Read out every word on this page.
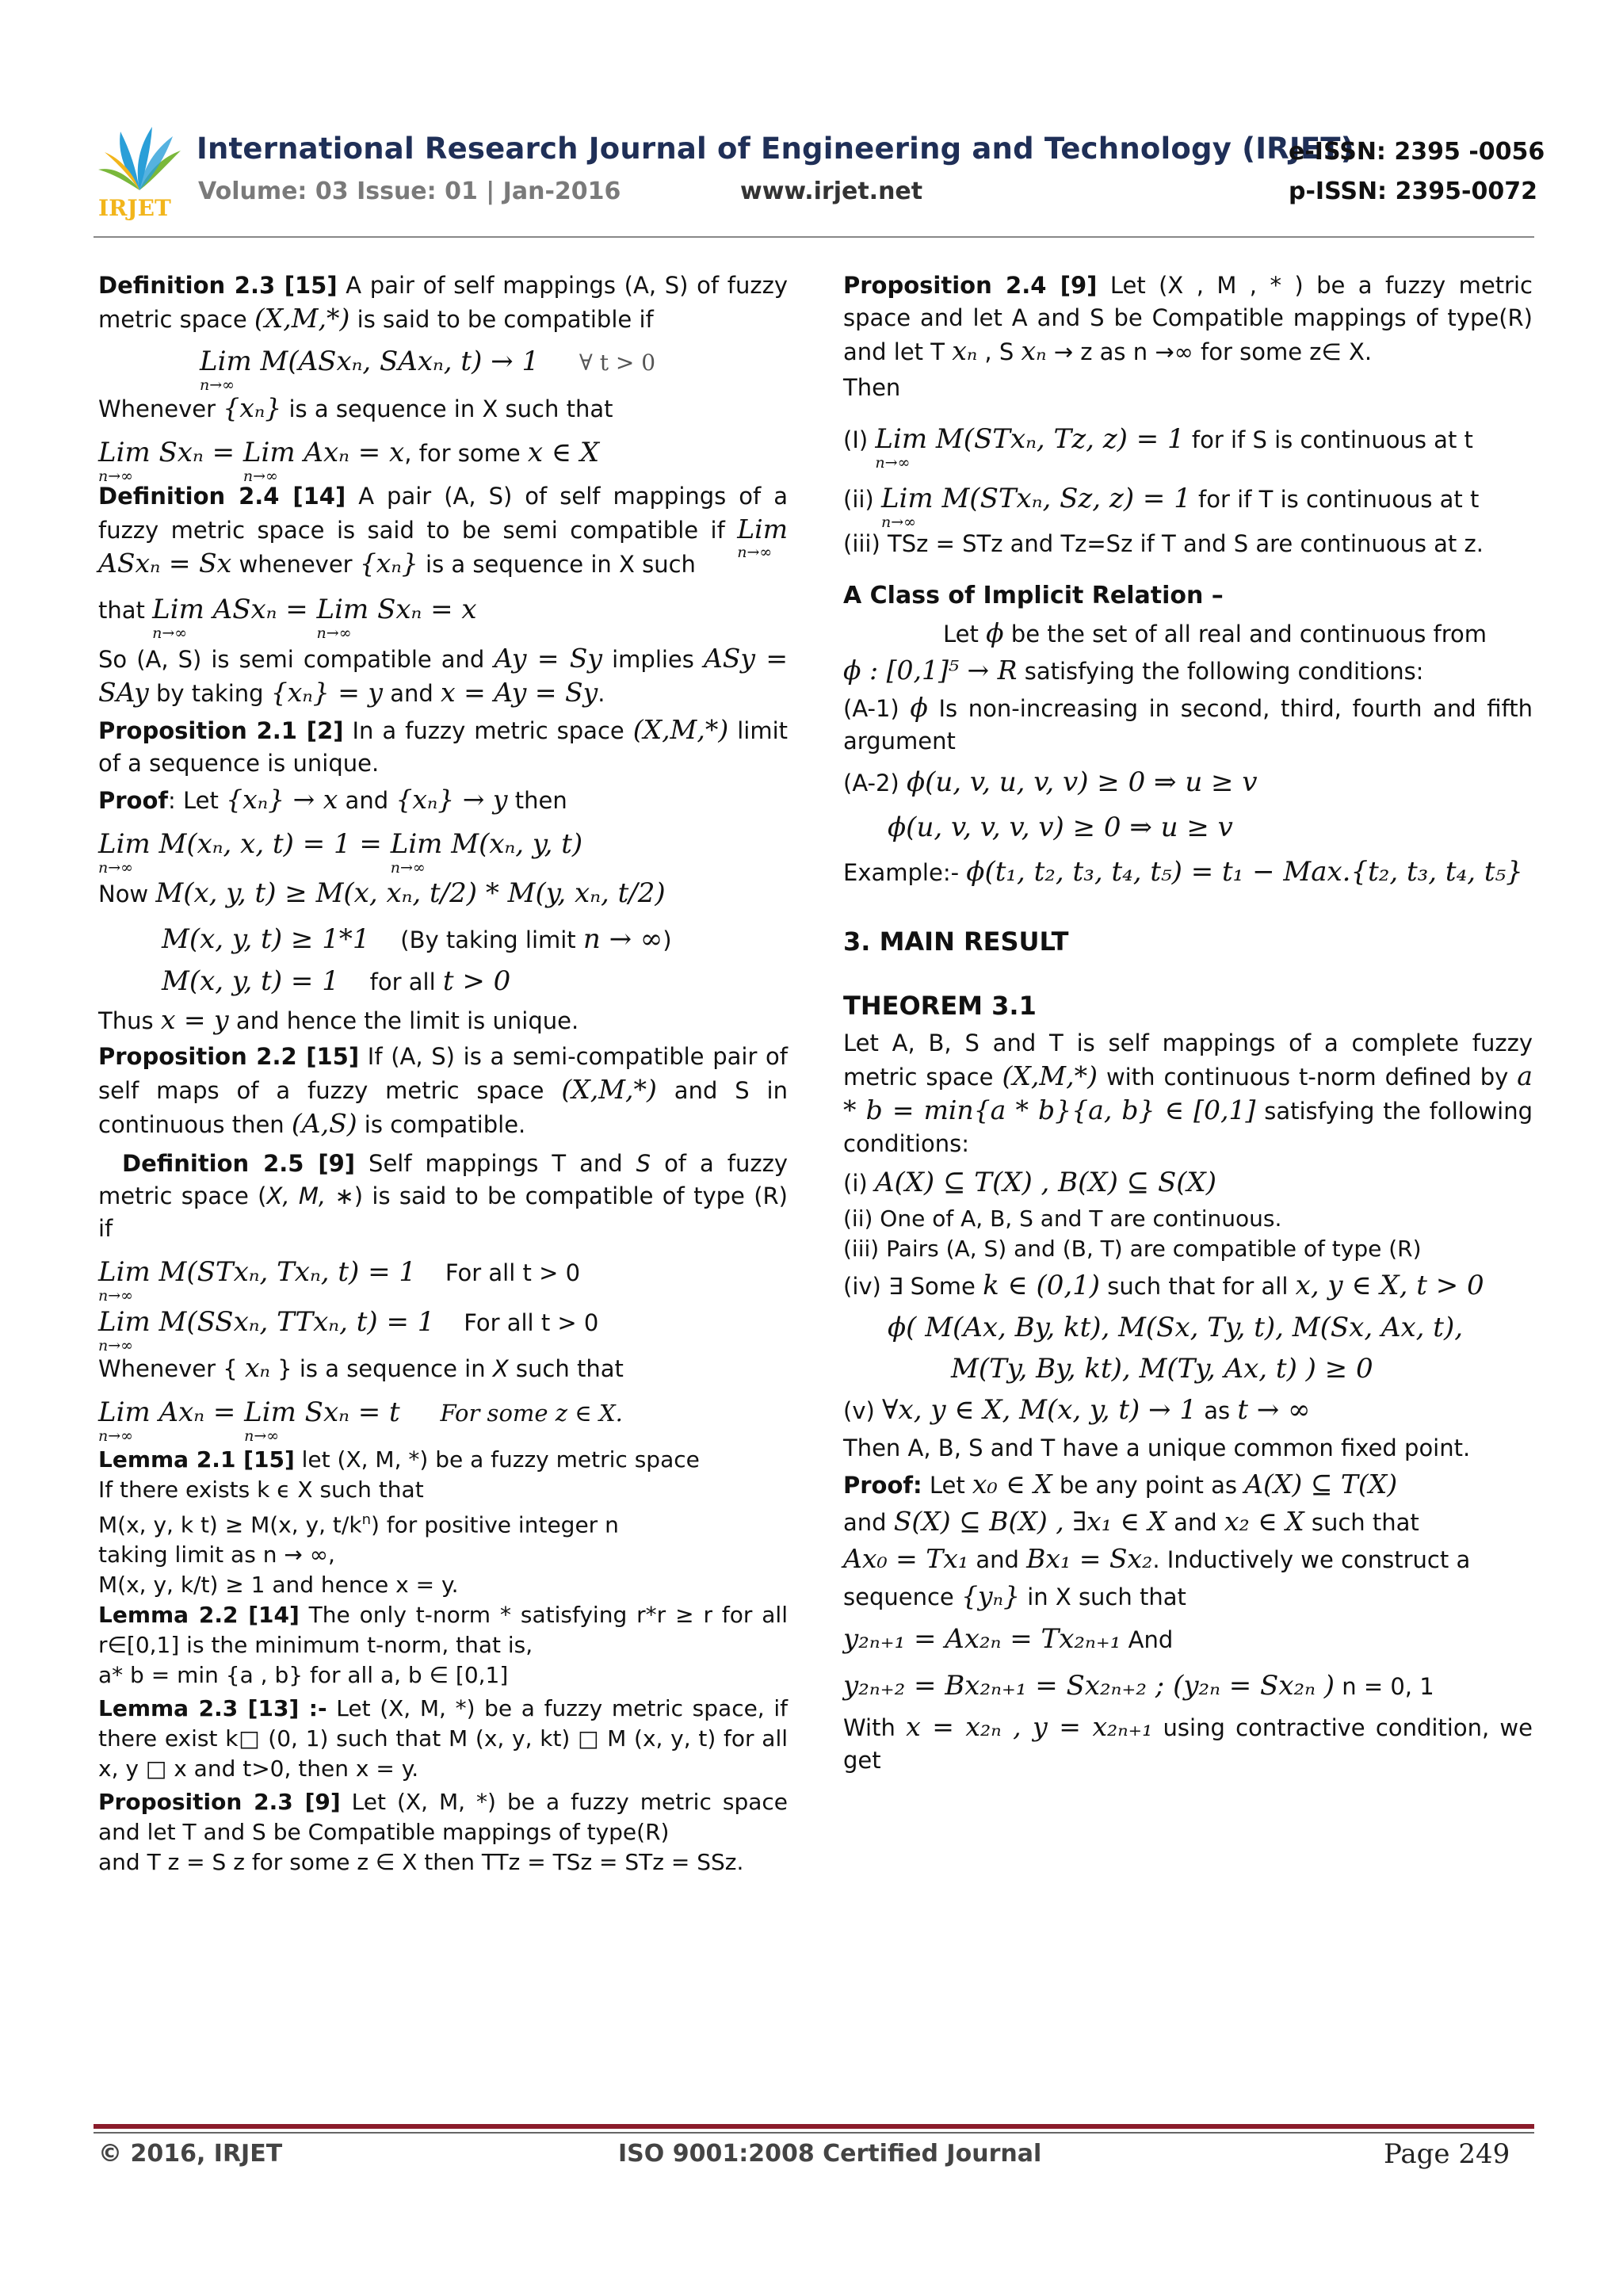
IRJET
International Research Journal of Engineering and Technology (IRJET)
e-ISSN: 2395 -0056
Volume: 03 Issue: 01 | Jan-2016	www.irjet.net	p-ISSN: 2395-0072

Definition 2.3 [15] A pair of self mappings (A, S) of fuzzy metric space (X,M,*) is said to be compatible if

Lim
n→∞
M(ASxₙ, SAxₙ, t) → 1 ∀ t > 0

Whenever {xₙ} is a sequence in X such that

Lim
n→∞
Sxₙ = Lim
n→∞
Axₙ = x, for some x ∈ X

Definition 2.4 [14] A pair (A, S) of self mappings of a fuzzy metric space is said to be semi compatible if Lim
n→∞
ASxₙ = Sx whenever {xₙ} is a sequence in X such

that Lim
n→∞
ASxₙ = Lim
n→∞
Sxₙ = x

So (A, S) is semi compatible and Ay = Sy implies ASy = SAy by taking {xₙ} = y and x = Ay = Sy.

Proposition 2.1 [2] In a fuzzy metric space (X,M,*) limit of a sequence is unique.

Proof: Let {xₙ} → x and {xₙ} → y then

Lim
n→∞
M(xₙ, x, t) = 1 = Lim
n→∞
M(xₙ, y, t)
Now M(x, y, t) ≥ M(x, xₙ, t/2) * M(y, xₙ, t/2)
M(x, y, t) ≥ 1*1 (By taking limit n → ∞)
M(x, y, t) = 1 for all t > 0

Thus x = y and hence the limit is unique.

Proposition 2.2 [15] If (A, S) is a semi-compatible pair of self maps of a fuzzy metric space (X,M,*) and S in continuous then (A,S) is compatible.

Definition 2.5 [9] Self mappings T and S of a fuzzy metric space (X, M, ∗) is said to be compatible of type (R) if

Lim
n→∞
M(STxₙ, Txₙ, t) = 1 For all t > 0
Lim
n→∞
M(SSxₙ, TTxₙ, t) = 1 For all t > 0

Whenever { xₙ } is a sequence in X such that

Lim
n→∞
Axₙ = Lim
n→∞
Sxₙ = t For some z ∈ X.
Lemma 2.1 [15] let (X, M, *) be a fuzzy metric space
If there exists k ϵ X such that
M(x, y, k t) ≥ M(x, y, $t/k^n$) for positive integer n
taking limit as n → ∞,
M(x, y, k/t) ≥ 1 and hence x = y.

Lemma 2.2 [14] The only t-norm * satisfying r*r ≥ r for all r∈[0,1] is the minimum t-norm, that is,
a* b = min {a , b} for all a, b ∈ [0,1]

Lemma 2.3 [13] :- Let (X, M, *) be a fuzzy metric space, if there exist k□ (0, 1) such that M (x, y, kt) □ M (x, y, t) for all x, y □ x and t>0, then x = y.

Proposition 2.3 [9] Let (X, M, *) be a fuzzy metric space and let T and S be Compatible mappings of type(R)
and T z = S z for some z ∈ X then TTz = TSz = STz = SSz.

Proposition 2.4 [9] Let (X , M , * ) be a fuzzy metric space and let A and S be Compatible mappings of type(R) and let T xₙ , S xₙ → z as n →∞ for some z∈ X.

Then

(I) Lim
n→∞
M(STxₙ, Tz, z) = 1 for if S is continuous at t
(ii) Lim
n→∞
M(STxₙ, Sz, z) = 1 for if T is continuous at t

(iii) TSz = STz and Tz=Sz if T and S are continuous at z.

A Class of Implicit Relation –

Let ϕ be the set of all real and continuous from

ϕ : [0,1]⁵ → R satisfying the following conditions:

(A-1) ϕ Is non-increasing in second, third, fourth and fifth argument

(A-2) ϕ(u, v, u, v, v) ≥ 0 ⇒ u ≥ v
ϕ(u, v, v, v, v) ≥ 0 ⇒ u ≥ v
Example:- ϕ(t₁, t₂, t₃, t₄, t₅) = t₁ − Max.{t₂, t₃, t₄, t₅}
3. MAIN RESULT
THEOREM 3.1

Let A, B, S and T is self mappings of a complete fuzzy metric space (X,M,*) with continuous t-norm defined by a * b = min{a * b}{a, b} ∈ [0,1] satisfying the following conditions:

(i) A(X) ⊆ T(X) , B(X) ⊆ S(X)
(ii) One of A, B, S and T are continuous.
(iii) Pairs (A, S) and (B, T) are compatible of type (R)
(iv) ∃ Some k ∈ (0,1) such that for all x, y ∈ X, t > 0
ϕ( M(Ax, By, kt), M(Sx, Ty, t), M(Sx, Ax, t),
M(Ty, By, kt), M(Ty, Ax, t) ) ≥ 0
(v) ∀x, y ∈ X, M(x, y, t) → 1 as t → ∞

Then A, B, S and T have a unique common fixed point.

Proof: Let x₀ ∈ X be any point as A(X) ⊆ T(X)

and S(X) ⊆ B(X) , ∃x₁ ∈ X and x₂ ∈ X such that

Ax₀ = Tx₁ and Bx₁ = Sx₂. Inductively we construct a

sequence {yₙ} in X such that

y₂ₙ₊₁ = Ax₂ₙ = Tx₂ₙ₊₁ And
y₂ₙ₊₂ = Bx₂ₙ₊₁ = Sx₂ₙ₊₂ ; (y₂ₙ = Sx₂ₙ ) n = 0, 1

With x = x₂ₙ , y = x₂ₙ₊₁ using contractive condition, we get

© 2016, IRJET	ISO 9001:2008 Certified Journal	Page 249
